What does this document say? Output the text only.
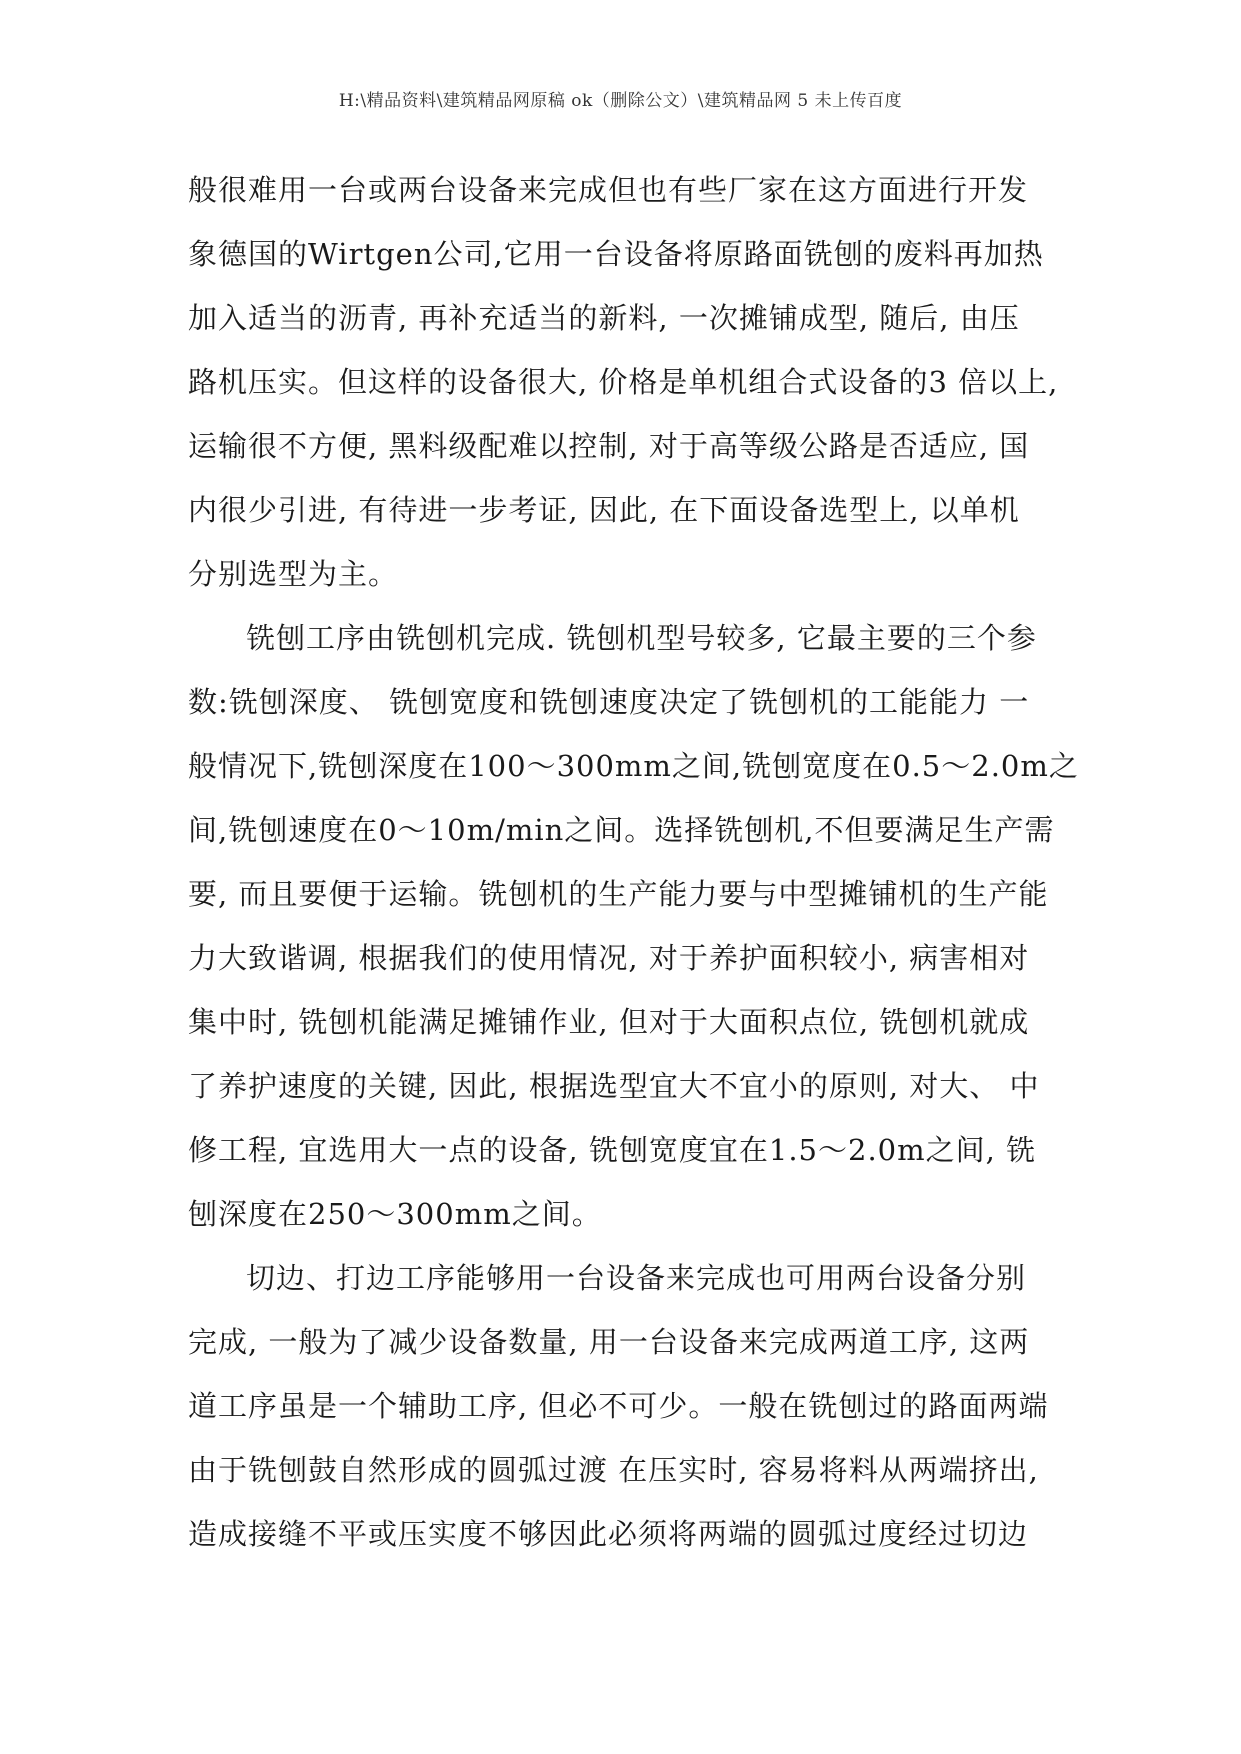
H:\精品资料\建筑精品网原稿 ok（删除公文）\建筑精品网 5 未上传百度
般很难用一台或两台设备来完成但也有些厂家在这方面进行开发
象德国的Wirtgen公司,它用一台设备将原路面铣刨的废料再加热
加入适当的沥青, 再补充适当的新料, 一次摊铺成型, 随后, 由压
路机压实。但这样的设备很大, 价格是单机组合式设备的3 倍以上,
运输很不方便, 黑料级配难以控制, 对于高等级公路是否适应, 国
内很少引进, 有待进一步考证, 因此, 在下面设备选型上, 以单机
分别选型为主。
铣刨工序由铣刨机完成. 铣刨机型号较多, 它最主要的三个参
数:铣刨深度、 铣刨宽度和铣刨速度决定了铣刨机的工能能力 一
般情况下,铣刨深度在100～300mm之间,铣刨宽度在0.5～2.0m之
间,铣刨速度在0～10m/min之间。选择铣刨机,不但要满足生产需
要, 而且要便于运输。铣刨机的生产能力要与中型摊铺机的生产能
力大致谐调, 根据我们的使用情况, 对于养护面积较小, 病害相对
集中时, 铣刨机能满足摊铺作业, 但对于大面积点位, 铣刨机就成
了养护速度的关键, 因此, 根据选型宜大不宜小的原则, 对大、 中
修工程, 宜选用大一点的设备, 铣刨宽度宜在1.5～2.0m之间, 铣
刨深度在250～300mm之间。
切边、打边工序能够用一台设备来完成也可用两台设备分别
完成, 一般为了减少设备数量, 用一台设备来完成两道工序, 这两
道工序虽是一个辅助工序, 但必不可少。一般在铣刨过的路面两端
由于铣刨鼓自然形成的圆弧过渡 在压实时, 容易将料从两端挤出,
造成接缝不平或压实度不够因此必须将两端的圆弧过度经过切边
